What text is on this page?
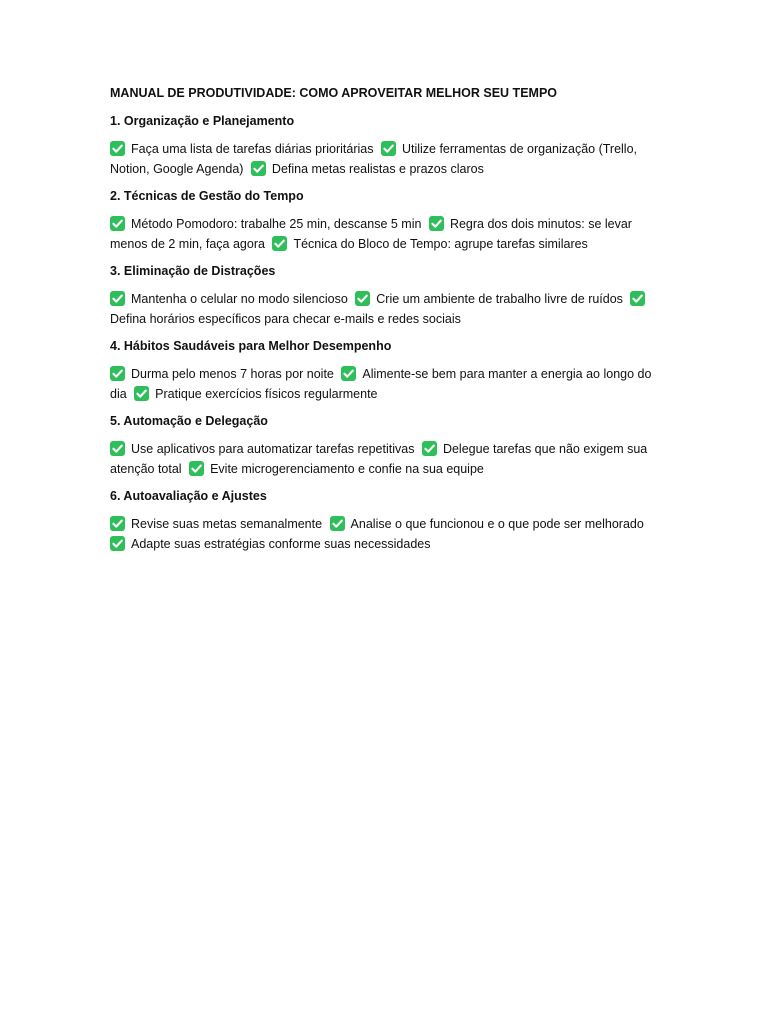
MANUAL DE PRODUTIVIDADE: COMO APROVEITAR MELHOR SEU TEMPO
1. Organização e Planejamento

Faça uma lista de tarefas diárias prioritárias Utilize ferramentas de organização (Trello, Notion, Google Agenda) Defina metas realistas e prazos claros

2. Técnicas de Gestão do Tempo

Método Pomodoro: trabalhe 25 min, descanse 5 min Regra dos dois minutos: se levar menos de 2 min, faça agora Técnica do Bloco de Tempo: agrupe tarefas similares

3. Eliminação de Distrações

Mantenha o celular no modo silencioso Crie um ambiente de trabalho livre de ruídos
Defina horários específicos para checar e-mails e redes sociais

4. Hábitos Saudáveis para Melhor Desempenho

Durma pelo menos 7 horas por noite Alimente-se bem para manter a energia ao longo do dia Pratique exercícios físicos regularmente

5. Automação e Delegação

Use aplicativos para automatizar tarefas repetitivas Delegue tarefas que não exigem sua atenção total Evite microgerenciamento e confie na sua equipe

6. Autoavaliação e Ajustes

Revise suas metas semanalmente Analise o que funcionou e o que pode ser melhorado
Adapte suas estratégias conforme suas necessidades
